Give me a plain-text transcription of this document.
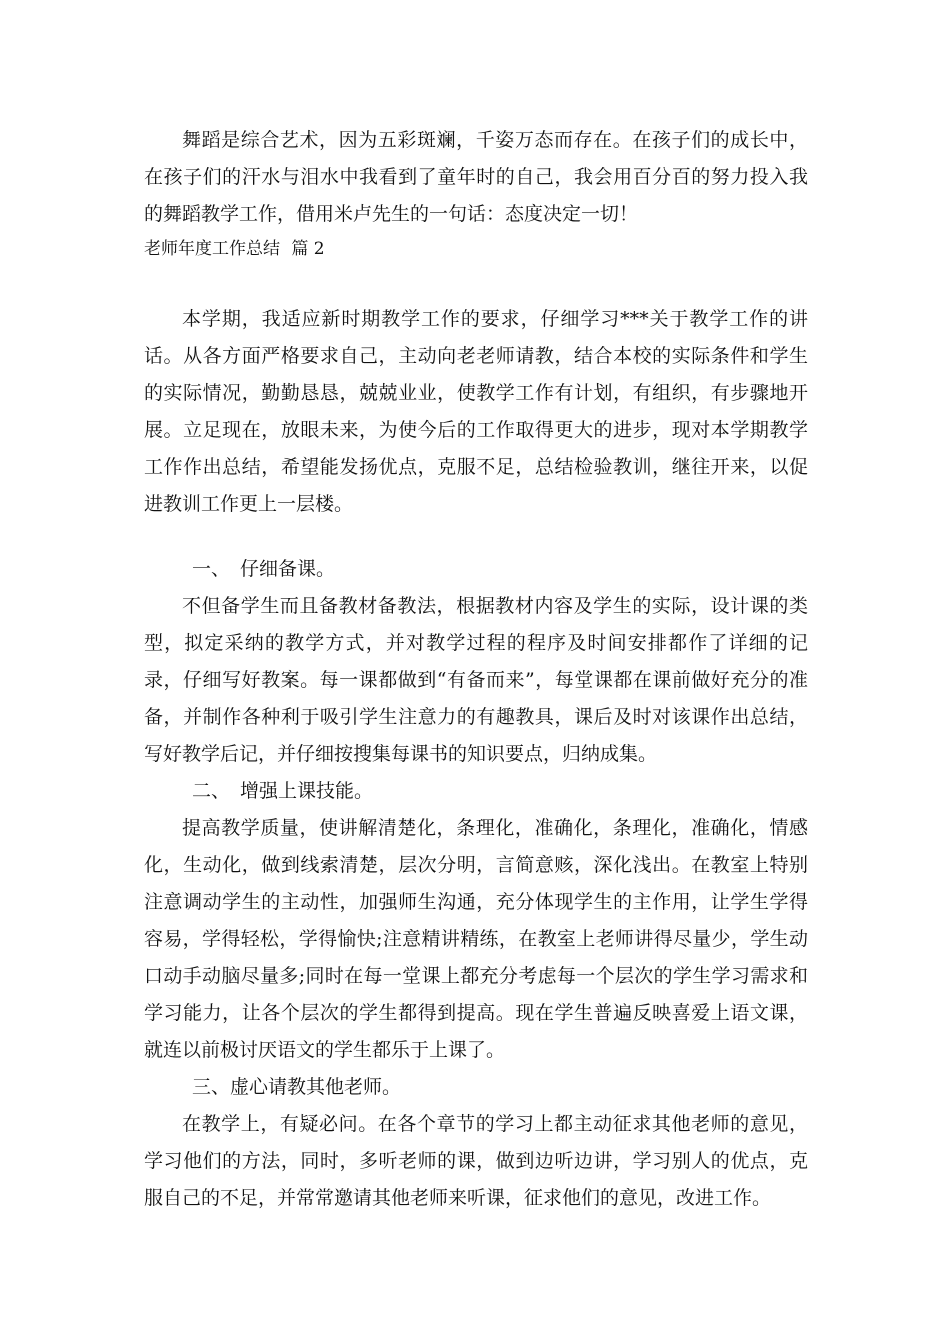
舞蹈是综合艺术，因为五彩斑斓，千姿万态而存在。在孩子们的成长中，在孩子们的汗水与泪水中我看到了童年时的自己，我会用百分百的努力投入我的舞蹈教学工作，借用米卢先生的一句话：态度决定一切！

老师年度工作总结 篇 2

本学期，我适应新时期教学工作的要求，仔细学习***关于教学工作的讲话。从各方面严格要求自己，主动向老老师请教，结合本校的实际条件和学生的实际情况，勤勤恳恳，兢兢业业，使教学工作有计划，有组织，有步骤地开展。立足现在，放眼未来，为使今后的工作取得更大的进步，现对本学期教学工作作出总结，希望能发扬优点，克服不足，总结检验教训，继往开来，以促进教训工作更上一层楼。

一、 仔细备课。

不但备学生而且备教材备教法，根据教材内容及学生的实际，设计课的类型，拟定采纳的教学方式，并对教学过程的程序及时间安排都作了详细的记录，仔细写好教案。每一课都做到“有备而来”，每堂课都在课前做好充分的准备，并制作各种利于吸引学生注意力的有趣教具，课后及时对该课作出总结，写好教学后记，并仔细按搜集每课书的知识要点，归纳成集。

二、 增强上课技能。

提高教学质量，使讲解清楚化，条理化，准确化，条理化，准确化，情感化，生动化，做到线索清楚，层次分明，言简意赅，深化浅出。在教室上特别注意调动学生的主动性，加强师生沟通，充分体现学生的主作用，让学生学得容易，学得轻松，学得愉快;注意精讲精练，在教室上老师讲得尽量少，学生动口动手动脑尽量多;同时在每一堂课上都充分考虑每一个层次的学生学习需求和学习能力，让各个层次的学生都得到提高。现在学生普遍反映喜爱上语文课，就连以前极讨厌语文的学生都乐于上课了。

三、虚心请教其他老师。

在教学上，有疑必问。在各个章节的学习上都主动征求其他老师的意见，学习他们的方法，同时，多听老师的课，做到边听边讲，学习别人的优点，克服自己的不足，并常常邀请其他老师来听课，征求他们的意见，改进工作。
